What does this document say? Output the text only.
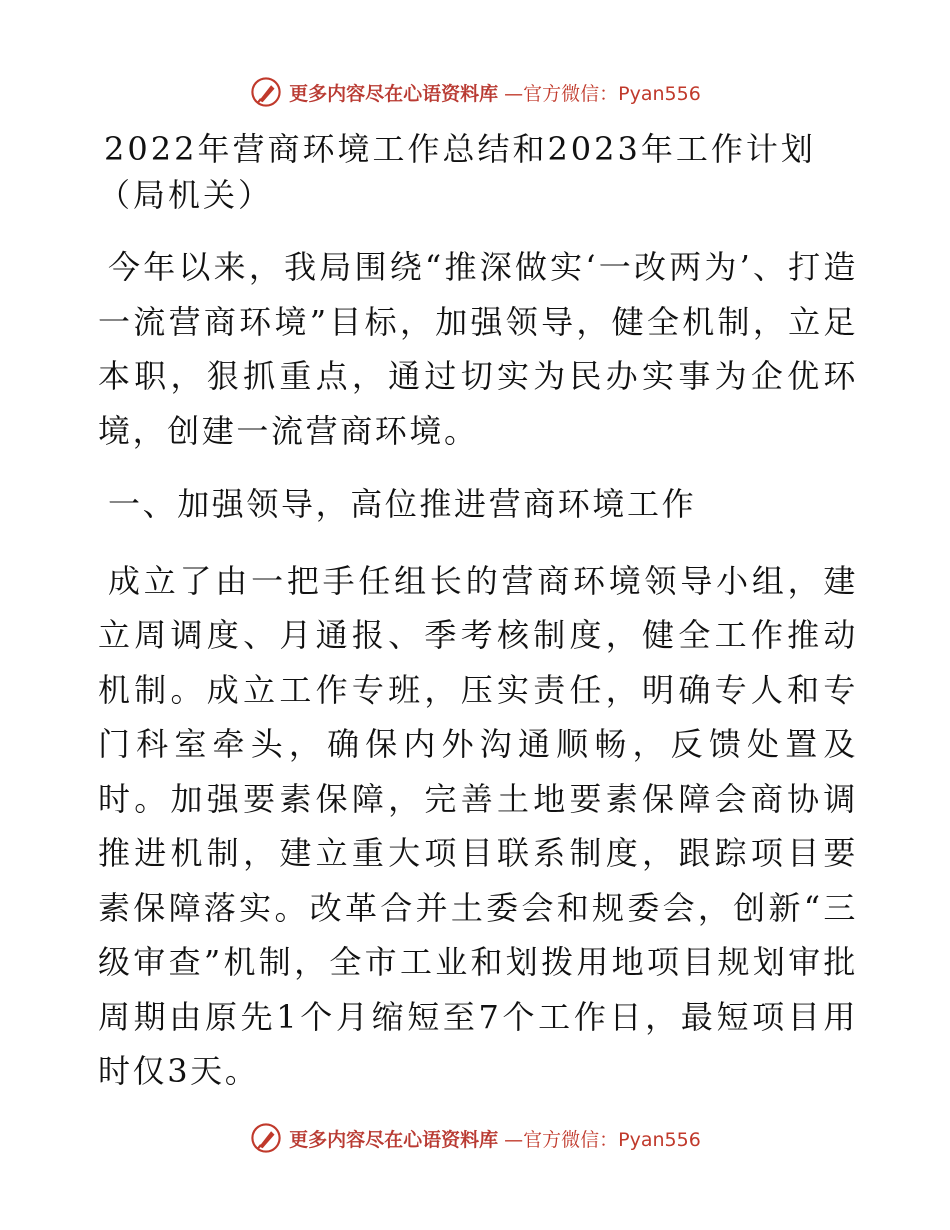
更多内容尽在心语资料库 —官方微信：Pyan556
2022年营商环境工作总结和2023年工作计划（局机关）

今年以来，我局围绕“推深做实‘一改两为’、打造一流营商环境”目标，加强领导，健全机制，立足本职，狠抓重点，通过切实为民办实事为企优环境，创建一流营商环境。

一、加强领导，高位推进营商环境工作

成立了由一把手任组长的营商环境领导小组，建立周调度、月通报、季考核制度，健全工作推动机制。成立工作专班，压实责任，明确专人和专门科室牵头，确保内外沟通顺畅，反馈处置及时。加强要素保障，完善土地要素保障会商协调推进机制，建立重大项目联系制度，跟踪项目要素保障落实。改革合并土委会和规委会，创新“三级审查”机制，全市工业和划拨用地项目规划审批周期由原先1个月缩短至7个工作日，最短项目用时仅3天。

更多内容尽在心语资料库 —官方微信：Pyan556
